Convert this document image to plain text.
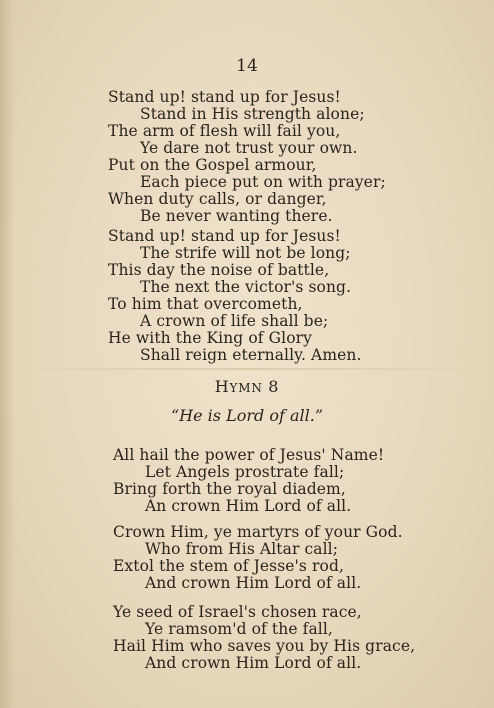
14
Stand up! stand up for Jesus!
Stand in His strength alone;
The arm of flesh will fail you,
Ye dare not trust your own.
Put on the Gospel armour,
Each piece put on with prayer;
When duty calls, or danger,
Be never wanting there.
Stand up! stand up for Jesus!
The strife will not be long;
This day the noise of battle,
The next the victor's song.
To him that overcometh,
A crown of life shall be;
He with the King of Glory
Shall reign eternally. Amen.
HYMN 8
“He is Lord of all.”
All hail the power of Jesus' Name!
Let Angels prostrate fall;
Bring forth the royal diadem,
An crown Him Lord of all.
Crown Him, ye martyrs of your God.
Who from His Altar call;
Extol the stem of Jesse's rod,
And crown Him Lord of all.
Ye seed of Israel's chosen race,
Ye ramsom'd of the fall,
Hail Him who saves you by His grace,
And crown Him Lord of all.
